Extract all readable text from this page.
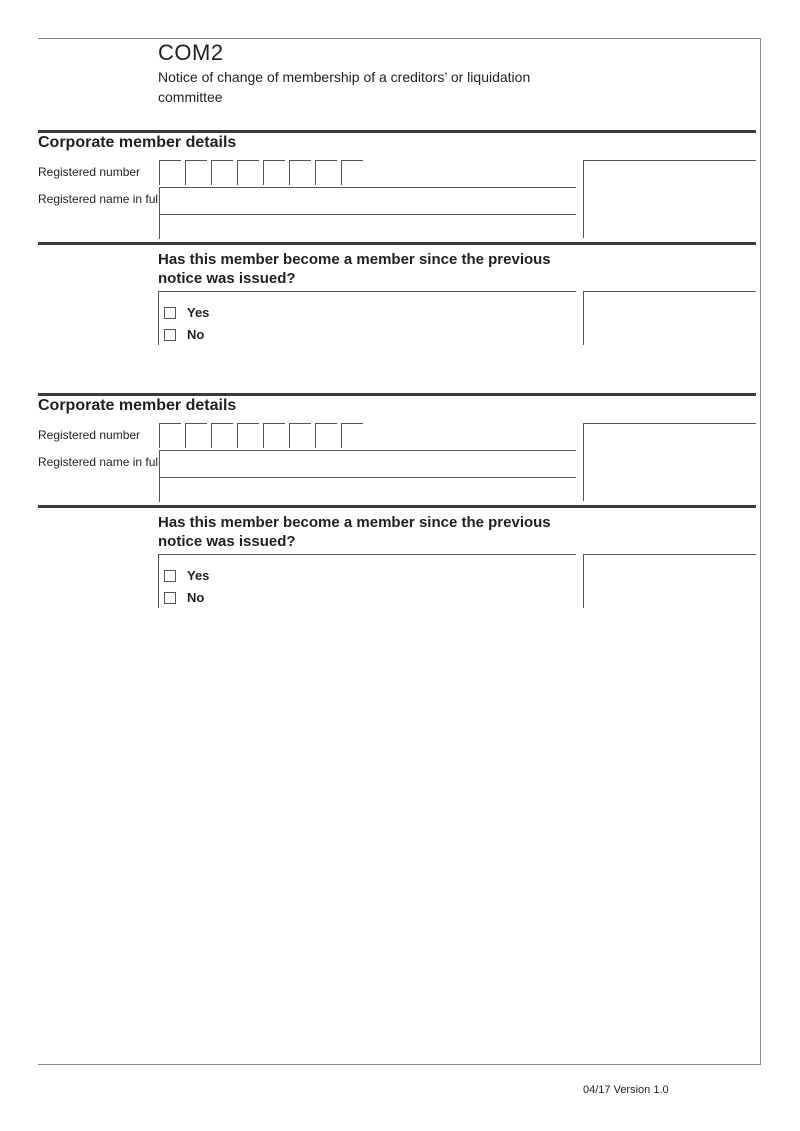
COM2
Notice of change of membership of a creditors’ or liquidation committee
Corporate member details
Registered number
Registered name in full
Has this member become a member since the previous notice was issued?
Yes
No
Corporate member details
Registered number
Registered name in full
Has this member become a member since the previous notice was issued?
Yes
No
04/17 Version 1.0
